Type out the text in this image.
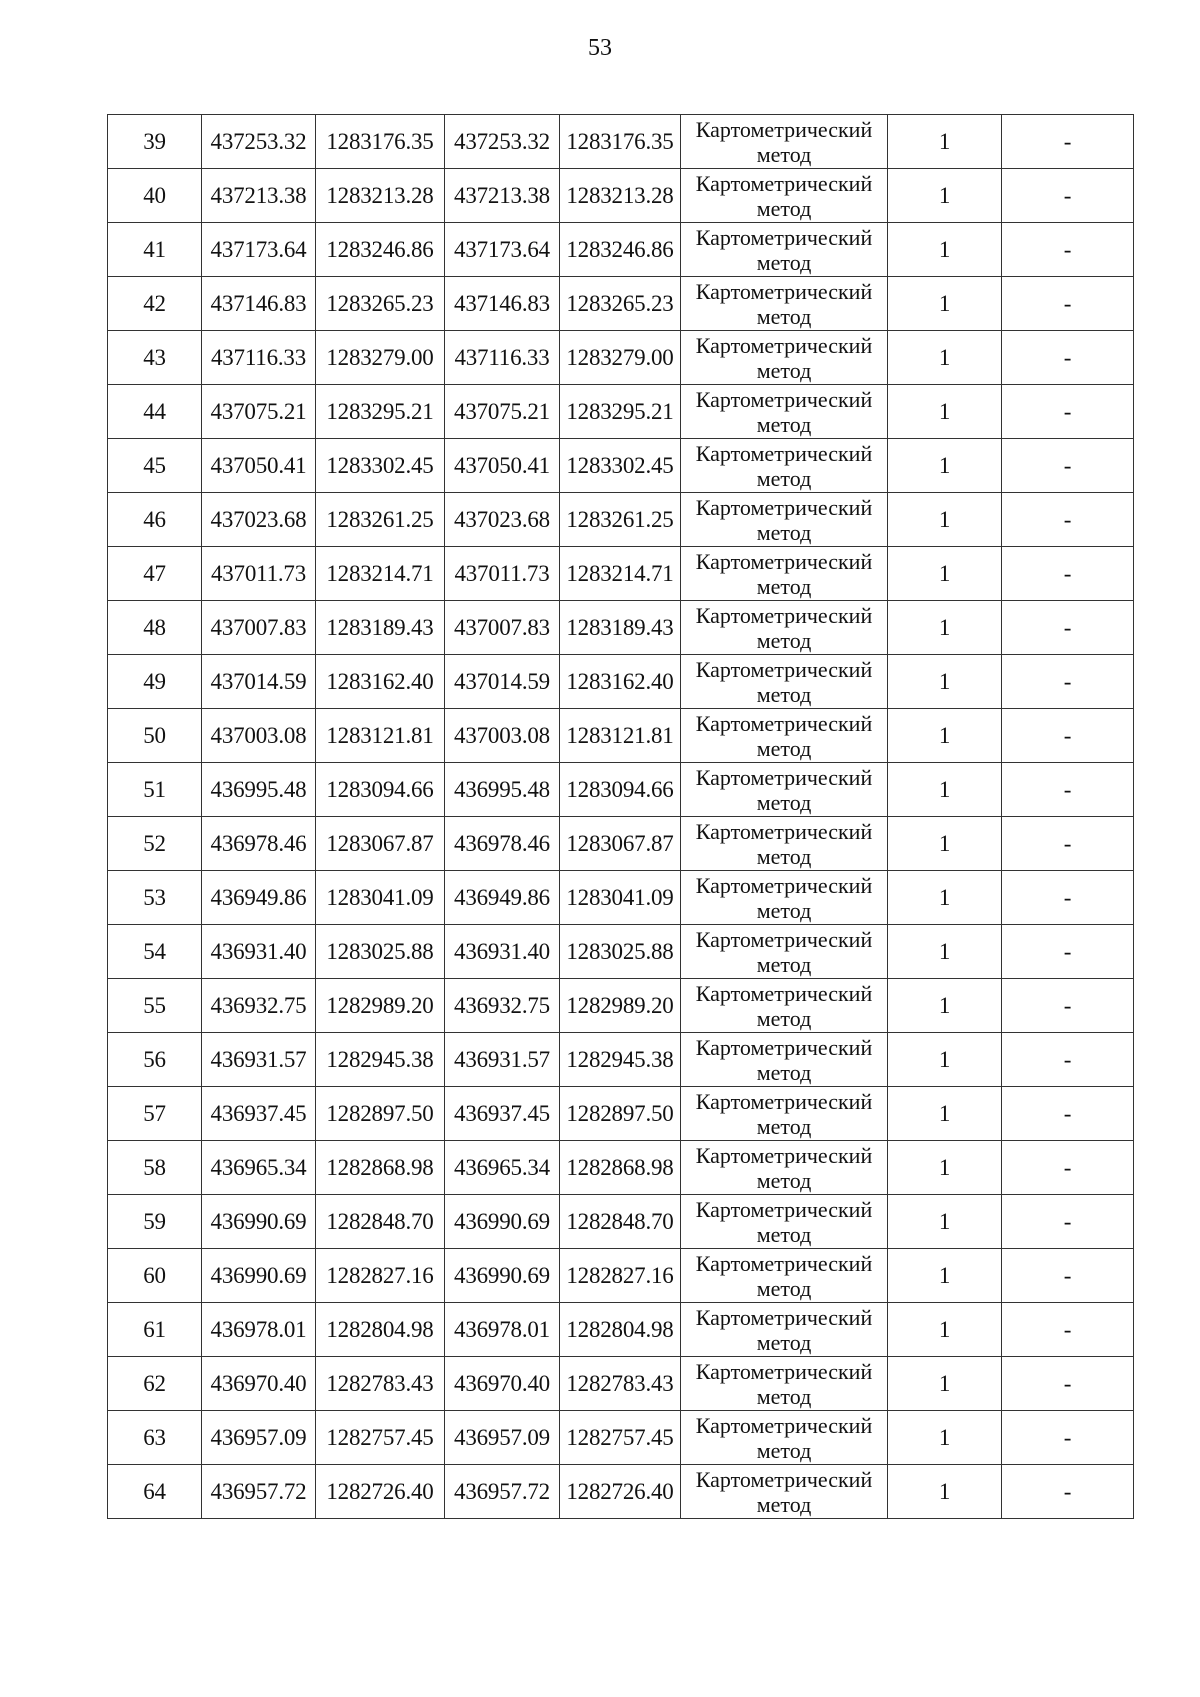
53
39	437253.32	1283176.35	437253.32	1283176.35	Картометрический
метод	1	-
40	437213.38	1283213.28	437213.38	1283213.28	Картометрический
метод	1	-
41	437173.64	1283246.86	437173.64	1283246.86	Картометрический
метод	1	-
42	437146.83	1283265.23	437146.83	1283265.23	Картометрический
метод	1	-
43	437116.33	1283279.00	437116.33	1283279.00	Картометрический
метод	1	-
44	437075.21	1283295.21	437075.21	1283295.21	Картометрический
метод	1	-
45	437050.41	1283302.45	437050.41	1283302.45	Картометрический
метод	1	-
46	437023.68	1283261.25	437023.68	1283261.25	Картометрический
метод	1	-
47	437011.73	1283214.71	437011.73	1283214.71	Картометрический
метод	1	-
48	437007.83	1283189.43	437007.83	1283189.43	Картометрический
метод	1	-
49	437014.59	1283162.40	437014.59	1283162.40	Картометрический
метод	1	-
50	437003.08	1283121.81	437003.08	1283121.81	Картометрический
метод	1	-
51	436995.48	1283094.66	436995.48	1283094.66	Картометрический
метод	1	-
52	436978.46	1283067.87	436978.46	1283067.87	Картометрический
метод	1	-
53	436949.86	1283041.09	436949.86	1283041.09	Картометрический
метод	1	-
54	436931.40	1283025.88	436931.40	1283025.88	Картометрический
метод	1	-
55	436932.75	1282989.20	436932.75	1282989.20	Картометрический
метод	1	-
56	436931.57	1282945.38	436931.57	1282945.38	Картометрический
метод	1	-
57	436937.45	1282897.50	436937.45	1282897.50	Картометрический
метод	1	-
58	436965.34	1282868.98	436965.34	1282868.98	Картометрический
метод	1	-
59	436990.69	1282848.70	436990.69	1282848.70	Картометрический
метод	1	-
60	436990.69	1282827.16	436990.69	1282827.16	Картометрический
метод	1	-
61	436978.01	1282804.98	436978.01	1282804.98	Картометрический
метод	1	-
62	436970.40	1282783.43	436970.40	1282783.43	Картометрический
метод	1	-
63	436957.09	1282757.45	436957.09	1282757.45	Картометрический
метод	1	-
64	436957.72	1282726.40	436957.72	1282726.40	Картометрический
метод	1	-
